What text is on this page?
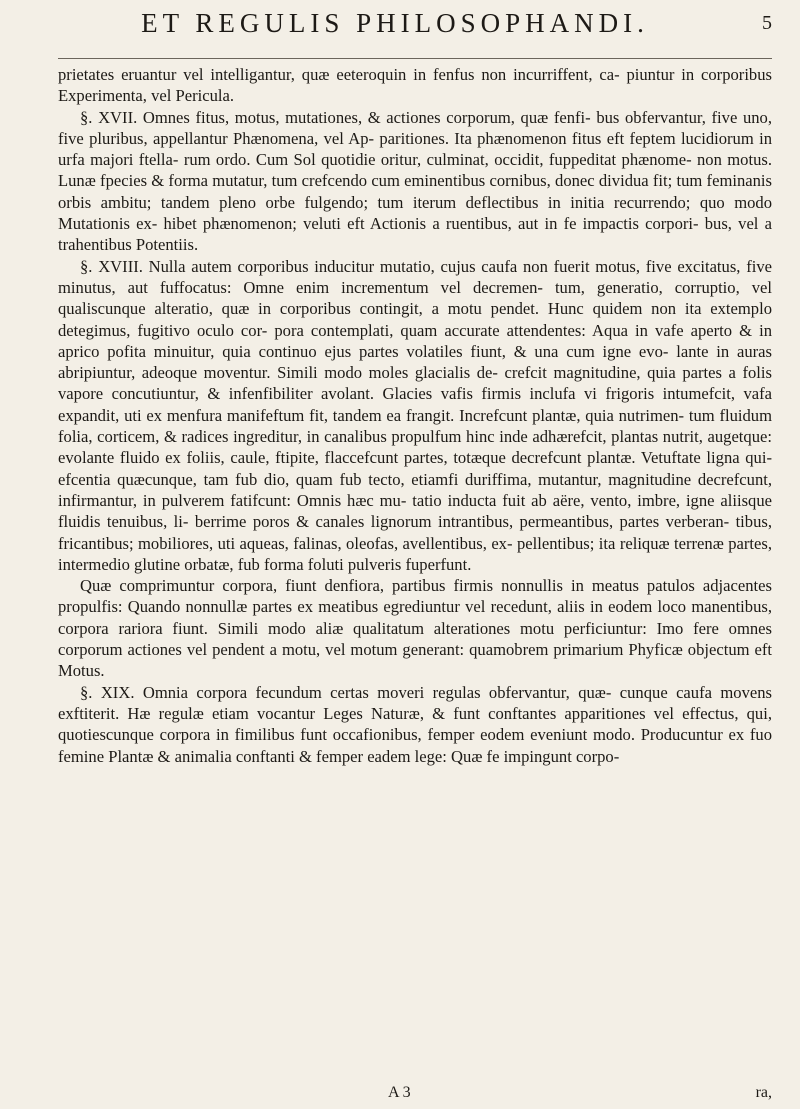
ET REGULIS PHILOSOPHANDI.	5

prietates eruantur vel intelligantur, quæ eeteroquin in fenfus non incurriffent, ca- piuntur in corporibus Experimenta, vel Pericula.

§. XVII. Omnes fitus, motus, mutationes, & actiones corporum, quæ fenfi- bus obfervantur, five uno, five pluribus, appellantur Phænomena, vel Ap- paritiones. Ita phænomenon fitus eft feptem lucidiorum in urfa majori ftella- rum ordo. Cum Sol quotidie oritur, culminat, occidit, fuppeditat phænome- non motus. Lunæ fpecies & forma mutatur, tum crefcendo cum eminentibus cornibus, donec dividua fit; tum feminanis orbis ambitu; tandem pleno orbe fulgendo; tum iterum deflectibus in initia recurrendo; quo modo Mutationis ex- hibet phænomenon; veluti eft Actionis a ruentibus, aut in fe impactis corpori- bus, vel a trahentibus Potentiis.

§. XVIII. Nulla autem corporibus inducitur mutatio, cujus caufa non fuerit motus, five excitatus, five minutus, aut fuffocatus: Omne enim incrementum vel decremen- tum, generatio, corruptio, vel qualiscunque alteratio, quæ in corporibus contingit, a motu pendet. Hunc quidem non ita extemplo detegimus, fugitivo oculo cor- pora contemplati, quam accurate attendentes: Aqua in vafe aperto & in aprico pofita minuitur, quia continuo ejus partes volatiles fiunt, & una cum igne evo- lante in auras abripiuntur, adeoque moventur. Simili modo moles glacialis de- crefcit magnitudine, quia partes a folis vapore concutiuntur, & infenfibiliter avolant. Glacies vafis firmis inclufa vi frigoris intumefcit, vafa expandit, uti ex menfura manifeftum fit, tandem ea frangit. Increfcunt plantæ, quia nutrimen- tum fluidum folia, corticem, & radices ingreditur, in canalibus propulfum hinc inde adhærefcit, plantas nutrit, augetque: evolante fluido ex foliis, caule, ftipite, flaccefcunt partes, totæque decrefcunt plantæ. Vetuftate ligna qui- efcentia quæcunque, tam fub dio, quam fub tecto, etiamfi duriffima, mutantur, magnitudine decrefcunt, infirmantur, in pulverem fatifcunt: Omnis hæc mu- tatio inducta fuit ab aëre, vento, imbre, igne aliisque fluidis tenuibus, li- berrime poros & canales lignorum intrantibus, permeantibus, partes verberan- tibus, fricantibus; mobiliores, uti aqueas, falinas, oleofas, avellentibus, ex- pellentibus; ita reliquæ terrenæ partes, intermedio glutine orbatæ, fub forma foluti pulveris fuperfunt.

Quæ comprimuntur corpora, fiunt denfiora, partibus firmis nonnullis in meatus patulos adjacentes propulfis: Quando nonnullæ partes ex meatibus egrediuntur vel recedunt, aliis in eodem loco manentibus, corpora rariora fiunt. Simili modo aliæ qualitatum alterationes motu perficiuntur: Imo fere omnes corporum actiones vel pendent a motu, vel motum generant: quamobrem primarium Phyficæ objectum eft Motus.

§. XIX. Omnia corpora fecundum certas moveri regulas obfervantur, quæ- cunque caufa movens exftiterit. Hæ regulæ etiam vocantur Leges Naturæ, & funt conftantes apparitiones vel effectus, qui, quotiescunque corpora in fimilibus funt occafionibus, femper eodem eveniunt modo. Producuntur ex fuo femine Plantæ & animalia conftanti & femper eadem lege: Quæ fe impingunt corpo-

A 3	ra,
